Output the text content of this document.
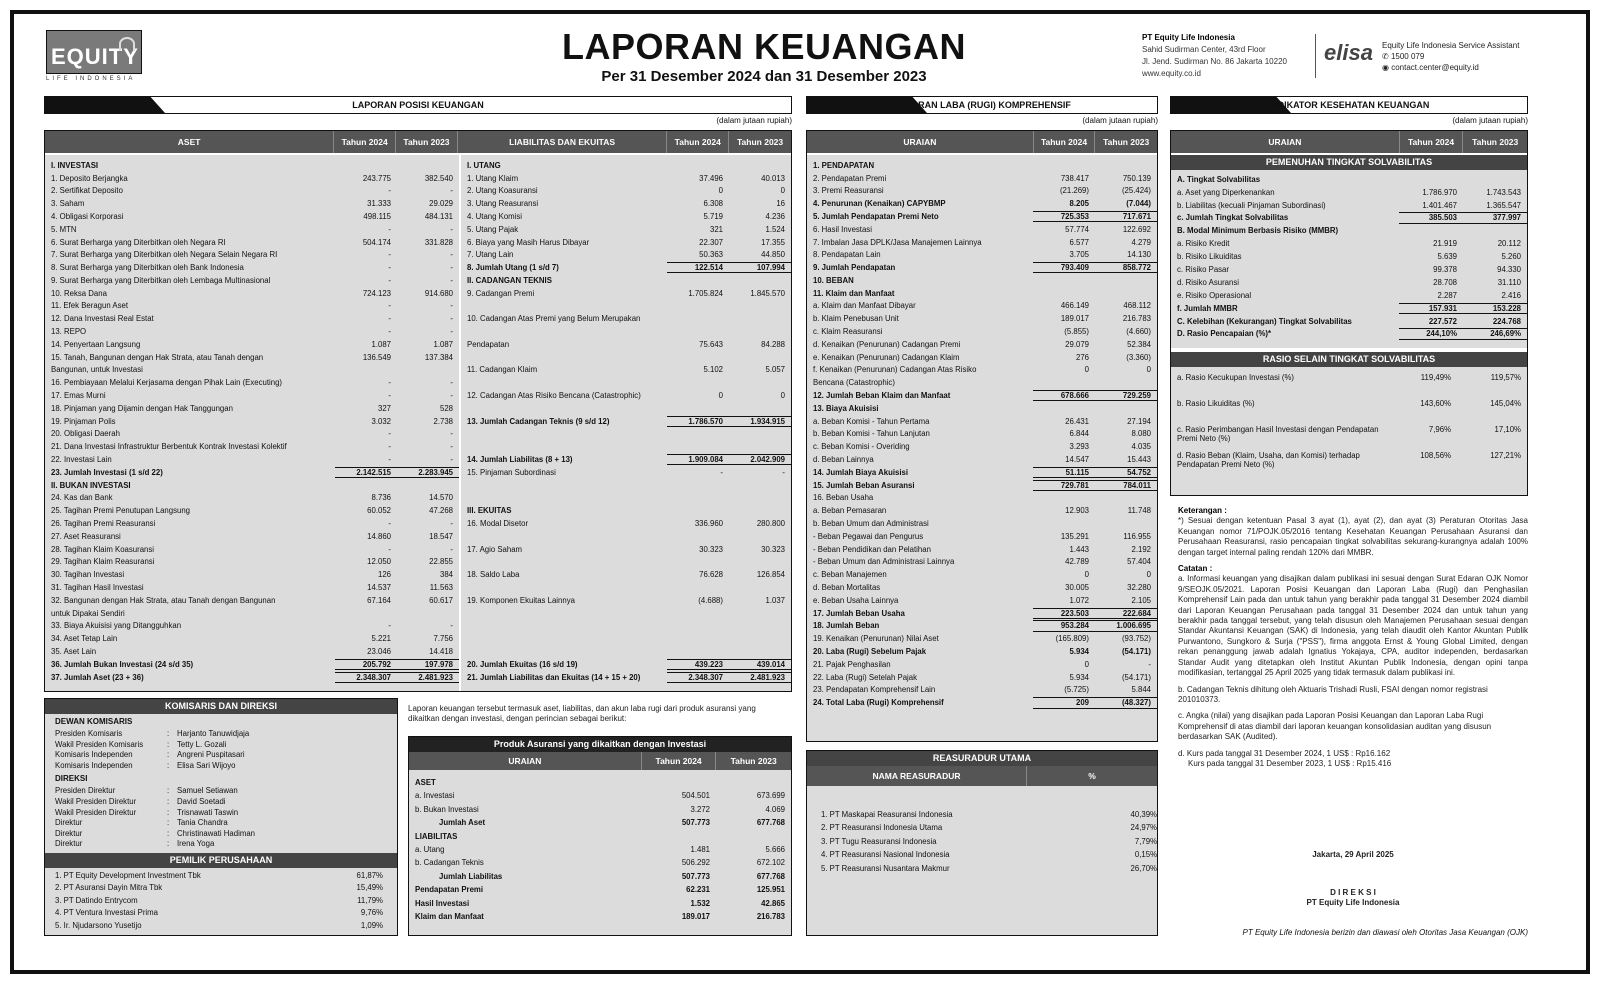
EQUITY
LIFE INDONESIA
LAPORAN KEUANGAN
Per 31 Desember 2024 dan 31 Desember 2023
PT Equity Life Indonesia
Sahid Sudirman Center, 43rd Floor
Jl. Jend. Sudirman No. 86 Jakarta 10220
www.equity.co.id
elisa Equity Life Indonesia Service Assistant
✆ 1500 079
◉ contact.center@equity.id
LAPORAN POSISI KEUANGAN	LAPORAN LABA (RUGI) KOMPREHENSIF	INDIKATOR KESEHATAN KEUANGAN
(dalam jutaan rupiah)	(dalam jutaan rupiah)	(dalam jutaan rupiah)
ASET	Tahun 2024	Tahun 2023	LIABILITAS DAN EKUITAS	Tahun 2024	Tahun 2023
I. INVESTASI
1. Deposito Berjangka	243.775	382.540
2. Sertifikat Deposito	-	-
3. Saham	31.333	29.029
4. Obligasi Korporasi	498.115	484.131
5. MTN	-	-
6. Surat Berharga yang Diterbitkan oleh Negara RI	504.174	331.828
7. Surat Berharga yang Diterbitkan oleh Negara Selain Negara RI	-	-
8. Surat Berharga yang Diterbitkan oleh Bank Indonesia	-	-
9. Surat Berharga yang Diterbitkan oleh Lembaga Multinasional	-	-
10. Reksa Dana	724.123	914.680
11. Efek Beragun Aset	-	-
12. Dana Investasi Real Estat	-	-
13. REPO	-	-
14. Penyertaan Langsung	1.087	1.087
15. Tanah, Bangunan dengan Hak Strata, atau Tanah dengan	136.549	137.384
Bangunan, untuk Investasi
16. Pembiayaan Melalui Kerjasama dengan Pihak Lain (Executing)	-	-
17. Emas Murni	-	-
18. Pinjaman yang Dijamin dengan Hak Tanggungan	327	528
19. Pinjaman Polis	3.032	2.738
20. Obligasi Daerah	-	-
21. Dana Investasi Infrastruktur Berbentuk Kontrak Investasi Kolektif	-	-
22. Investasi Lain	-	-
23. Jumlah Investasi (1 s/d 22)	2.142.515	2.283.945
II. BUKAN INVESTASI
24. Kas dan Bank	8.736	14.570
25. Tagihan Premi Penutupan Langsung	60.052	47.268
26. Tagihan Premi Reasuransi	-	-
27. Aset Reasuransi	14.860	18.547
28. Tagihan Klaim Koasuransi	-	-
29. Tagihan Klaim Reasuransi	12.050	22.855
30. Tagihan Investasi	126	384
31. Tagihan Hasil Investasi	14.537	11.563
32. Bangunan dengan Hak Strata, atau Tanah dengan Bangunan	67.164	60.617
untuk Dipakai Sendiri
33. Biaya Akuisisi yang Ditangguhkan	-	-
34. Aset Tetap Lain	5.221	7.756
35. Aset Lain	23.046	14.418
36. Jumlah Bukan Investasi (24 s/d 35)	205.792	197.978
37. Jumlah Aset (23 + 36)	2.348.307	2.481.923
I. UTANG
1. Utang Klaim	37.496	40.013
2. Utang Koasuransi	0	0
3. Utang Reasuransi	6.308	16
4. Utang Komisi	5.719	4.236
5. Utang Pajak	321	1.524
6. Biaya yang Masih Harus Dibayar	22.307	17.355
7. Utang Lain	50.363	44.850
8. Jumlah Utang (1 s/d 7)	122.514	107.994
II. CADANGAN TEKNIS
9. Cadangan Premi	1.705.824	1.845.570
10. Cadangan Atas Premi yang Belum Merupakan
Pendapatan	75.643	84.288
11. Cadangan Klaim	5.102	5.057
12. Cadangan Atas Risiko Bencana (Catastrophic)	0	0
13. Jumlah Cadangan Teknis (9 s/d 12)	1.786.570	1.934.915
14. Jumlah Liabilitas (8 + 13)	1.909.084	2.042.909
15. Pinjaman Subordinasi	-	-
III. EKUITAS
16. Modal Disetor	336.960	280.800
17. Agio Saham	30.323	30.323
18. Saldo Laba	76.628	126.854
19. Komponen Ekuitas Lainnya	(4.688)	1.037
20. Jumlah Ekuitas (16 s/d 19)	439.223	439.014
21. Jumlah Liabilitas dan Ekuitas (14 + 15 + 20)	2.348.307	2.481.923
URAIAN	Tahun 2024	Tahun 2023
1. PENDAPATAN
2. Pendapatan Premi	738.417	750.139
3. Premi Reasuransi	(21.269)	(25.424)
4. Penurunan (Kenaikan) CAPYBMP	8.205	(7.044)
5. Jumlah Pendapatan Premi Neto	725.353	717.671
6. Hasil Investasi	57.774	122.692
7. Imbalan Jasa DPLK/Jasa Manajemen Lainnya	6.577	4.279
8. Pendapatan Lain	3.705	14.130
9. Jumlah Pendapatan	793.409	858.772
10. BEBAN
11. Klaim dan Manfaat
a. Klaim dan Manfaat Dibayar	466.149	468.112
b. Klaim Penebusan Unit	189.017	216.783
c. Klaim Reasuransi	(5.855)	(4.660)
d. Kenaikan (Penurunan) Cadangan Premi	29.079	52.384
e. Kenaikan (Penurunan) Cadangan Klaim	276	(3.360)
f. Kenaikan (Penurunan) Cadangan Atas Risiko	0	0
Bencana (Catastrophic)
12. Jumlah Beban Klaim dan Manfaat	678.666	729.259
13. Biaya Akuisisi
a. Beban Komisi - Tahun Pertama	26.431	27.194
b. Beban Komisi - Tahun Lanjutan	6.844	8.080
c. Beban Komisi - Overiding	3.293	4.035
d. Beban Lainnya	14.547	15.443
14. Jumlah Biaya Akuisisi	51.115	54.752
15. Jumlah Beban Asuransi	729.781	784.011
16. Beban Usaha
a. Beban Pemasaran	12.903	11.748
b. Beban Umum dan Administrasi
- Beban Pegawai dan Pengurus	135.291	116.955
- Beban Pendidikan dan Pelatihan	1.443	2.192
- Beban Umum dan Administrasi Lainnya	42.789	57.404
c. Beban Manajemen	0	0
d. Beban Mortalitas	30.005	32.280
e. Beban Usaha Lainnya	1.072	2.105
17. Jumlah Beban Usaha	223.503	222.684
18. Jumlah Beban	953.284	1.006.695
19. Kenaikan (Penurunan) Nilai Aset	(165.809)	(93.752)
20. Laba (Rugi) Sebelum Pajak	5.934	(54.171)
21. Pajak Penghasilan	0	-
22. Laba (Rugi) Setelah Pajak	5.934	(54.171)
23. Pendapatan Komprehensif Lain	(5.725)	5.844
24. Total Laba (Rugi) Komprehensif	209	(48.327)
URAIAN	Tahun 2024	Tahun 2023
PEMENUHAN TINGKAT SOLVABILITAS
A. Tingkat Solvabilitas
a. Aset yang Diperkenankan	1.786.970	1.743.543
b. Liabilitas (kecuali Pinjaman Subordinasi)	1.401.467	1.365.547
c. Jumlah Tingkat Solvabilitas	385.503	377.997
B. Modal Minimum Berbasis Risiko (MMBR)
a. Risiko Kredit	21.919	20.112
b. Risiko Likuiditas	5.639	5.260
c. Risiko Pasar	99.378	94.330
d. Risiko Asuransi	28.708	31.110
e. Risiko Operasional	2.287	2.416
f. Jumlah MMBR	157.931	153.228
C. Kelebihan (Kekurangan) Tingkat Solvabilitas	227.572	224.768
D. Rasio Pencapaian (%)*	244,10%	246,69%
RASIO SELAIN TINGKAT SOLVABILITAS
a. Rasio Kecukupan Investasi (%)	119,49%	119,57%
b. Rasio Likuiditas (%)	143,60%	145,04%
c. Rasio Perimbangan Hasil Investasi dengan Pendapatan Premi Neto (%)
7,96%	17,10%
d. Rasio Beban (Klaim, Usaha, dan Komisi) terhadap Pendapatan Premi Neto (%)
108,56%	127,21%
KOMISARIS DAN DIREKSI
DEWAN KOMISARIS
Presiden Komisaris	:	Harjanto Tanuwidjaja
Wakil Presiden Komisaris	:	Tetty L. Gozali
Komisaris Independen	:	Angreni Puspitasari
Komisaris Independen	:	Elisa Sari Wijoyo
DIREKSI
Presiden Direktur	:	Samuel Setiawan
Wakil Presiden Direktur	:	David Soetadi
Wakil Presiden Direktur	:	Trisnawati Taswin
Direktur	:	Tania Chandra
Direktur	:	Christinawati Hadiman
Direktur	:	Irena Yoga
PEMILIK PERUSAHAAN
1. PT Equity Development Investment Tbk	61,87%
2. PT Asuransi Dayin Mitra Tbk	15,49%
3. PT Datindo Entrycom	11,79%
4. PT Ventura Investasi Prima	9,76%
5. Ir. Njudarsono Yusetijo	1,09%
Laporan keuangan tersebut termasuk aset, liabilitas, dan akun laba rugi dari produk asuransi yang dikaitkan dengan investasi, dengan perincian sebagai berikut:
Produk Asuransi yang dikaitkan dengan Investasi
URAIAN	Tahun 2024	Tahun 2023
ASET
a. Investasi	504.501	673.699
b. Bukan Investasi	3.272	4.069
Jumlah Aset	507.773	677.768
LIABILITAS
a. Utang	1.481	5.666
b. Cadangan Teknis	506.292	672.102
Jumlah Liabilitas	507.773	677.768
Pendapatan Premi	62.231	125.951
Hasil Investasi	1.532	42.865
Klaim dan Manfaat	189.017	216.783
REASURADUR UTAMA
NAMA REASURADUR	%
1. PT Maskapai Reasuransi Indonesia	40,39%
2. PT Reasuransi Indonesia Utama	24,97%
3. PT Tugu Reasuransi Indonesia	7,79%
4. PT Reasuransi Nasional Indonesia	0,15%
5. PT Reasuransi Nusantara Makmur	26,70%

Keterangan :

*) Sesuai dengan ketentuan Pasal 3 ayat (1), ayat (2), dan ayat (3) Peraturan Otoritas Jasa Keuangan nomor 71/POJK.05/2016 tentang Kesehatan Keuangan Perusahaan Asuransi dan Perusahaan Reasuransi, rasio pencapaian tingkat solvabilitas sekurang-kurangnya adalah 100% dengan target internal paling rendah 120% dari MMBR.

Catatan :

a. Informasi keuangan yang disajikan dalam publikasi ini sesuai dengan Surat Edaran OJK Nomor 9/SEOJK.05/2021. Laporan Posisi Keuangan dan Laporan Laba (Rugi) dan Penghasilan Komprehensif Lain pada dan untuk tahun yang berakhir pada tanggal 31 Desember 2024 diambil dari Laporan Keuangan Perusahaan pada tanggal 31 Desember 2024 dan untuk tahun yang berakhir pada tanggal tersebut, yang telah disusun oleh Manajemen Perusahaan sesuai dengan Standar Akuntansi Keuangan (SAK) di Indonesia, yang telah diaudit oleh Kantor Akuntan Publik Purwantono, Sungkoro & Surja ("PSS"), firma anggota Ernst & Young Global Limited, dengan rekan penanggung jawab adalah Ignatius Yokajaya, CPA, auditor independen, berdasarkan Standar Audit yang ditetapkan oleh Institut Akuntan Publik Indonesia, dengan opini tanpa modifikasian, tertanggal 25 April 2025 yang tidak termasuk dalam publikasi ini.

b. Cadangan Teknis dihitung oleh Aktuaris Trishadi Rusli, FSAI dengan nomor registrasi 201010373.

c. Angka (nilai) yang disajikan pada Laporan Posisi Keuangan dan Laporan Laba Rugi Komprehensif di atas diambil dari laporan keuangan konsolidasian auditan yang disusun berdasarkan SAK (Audited).

d. Kurs pada tanggal 31 Desember 2024, 1 US$ : Rp16.162

Kurs pada tanggal 31 Desember 2023, 1 US$ : Rp15.416

Jakarta, 29 April 2025
D I R E K S I
PT Equity Life Indonesia
PT Equity Life Indonesia berizin dan diawasi oleh Otoritas Jasa Keuangan (OJK)
